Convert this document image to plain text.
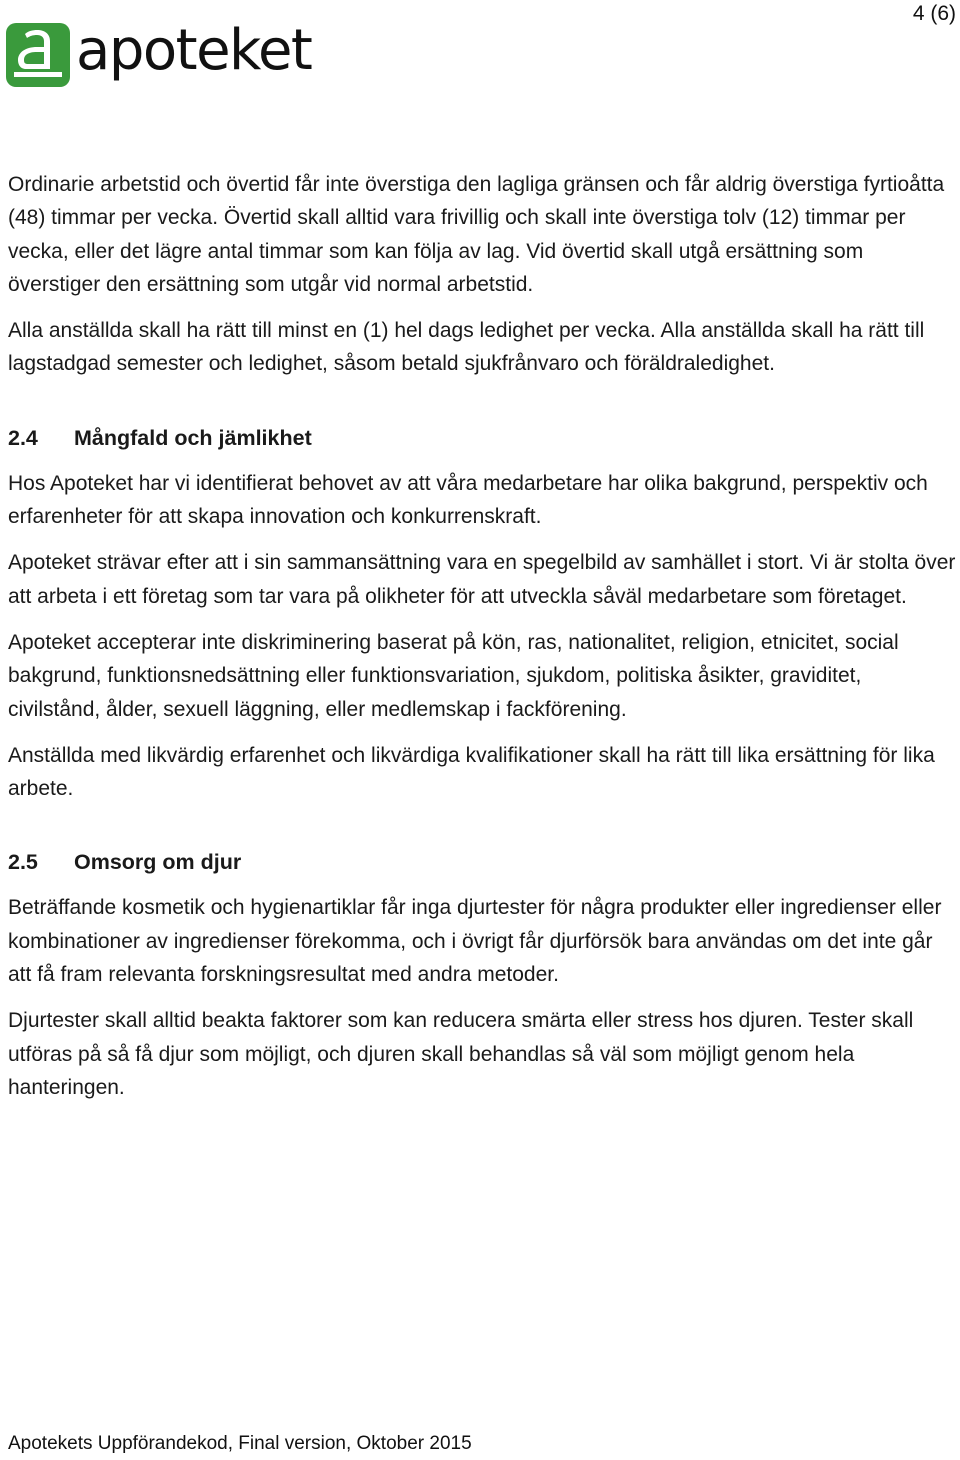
apoteket
4 (6)

Ordinarie arbetstid och övertid får inte överstiga den lagliga gränsen och får aldrig överstiga fyrtioåtta (48) timmar per vecka. Övertid skall alltid vara frivillig och skall inte överstiga tolv (12) timmar per vecka, eller det lägre antal timmar som kan följa av lag. Vid övertid skall utgå ersättning som överstiger den ersättning som utgår vid normal arbetstid.

Alla anställda skall ha rätt till minst en (1) hel dags ledighet per vecka. Alla anställda skall ha rätt till lagstadgad semester och ledighet, såsom betald sjukfrånvaro och föräldraledighet.

2.4	Mångfald och jämlikhet

Hos Apoteket har vi identifierat behovet av att våra medarbetare har olika bakgrund, perspektiv och erfarenheter för att skapa innovation och konkurrenskraft.

Apoteket strävar efter att i sin sammansättning vara en spegelbild av samhället i stort. Vi är stolta över att arbeta i ett företag som tar vara på olikheter för att utveckla såväl medarbetare som företaget.

Apoteket accepterar inte diskriminering baserat på kön, ras, nationalitet, religion, etnicitet, social bakgrund, funktionsnedsättning eller funktionsvariation, sjukdom, politiska åsikter, graviditet, civilstånd, ålder, sexuell läggning, eller medlemskap i fackförening.

Anställda med likvärdig erfarenhet och likvärdiga kvalifikationer skall ha rätt till lika ersättning för lika arbete.

2.5	Omsorg om djur

Beträffande kosmetik och hygienartiklar får inga djurtester för några produkter eller ingredienser eller kombinationer av ingredienser förekomma, och i övrigt får djurförsök bara användas om det inte går att få fram relevanta forskningsresultat med andra metoder.

Djurtester skall alltid beakta faktorer som kan reducera smärta eller stress hos djuren. Tester skall utföras på så få djur som möjligt, och djuren skall behandlas så väl som möjligt genom hela hanteringen.

Apotekets Uppförandekod, Final version, Oktober 2015
